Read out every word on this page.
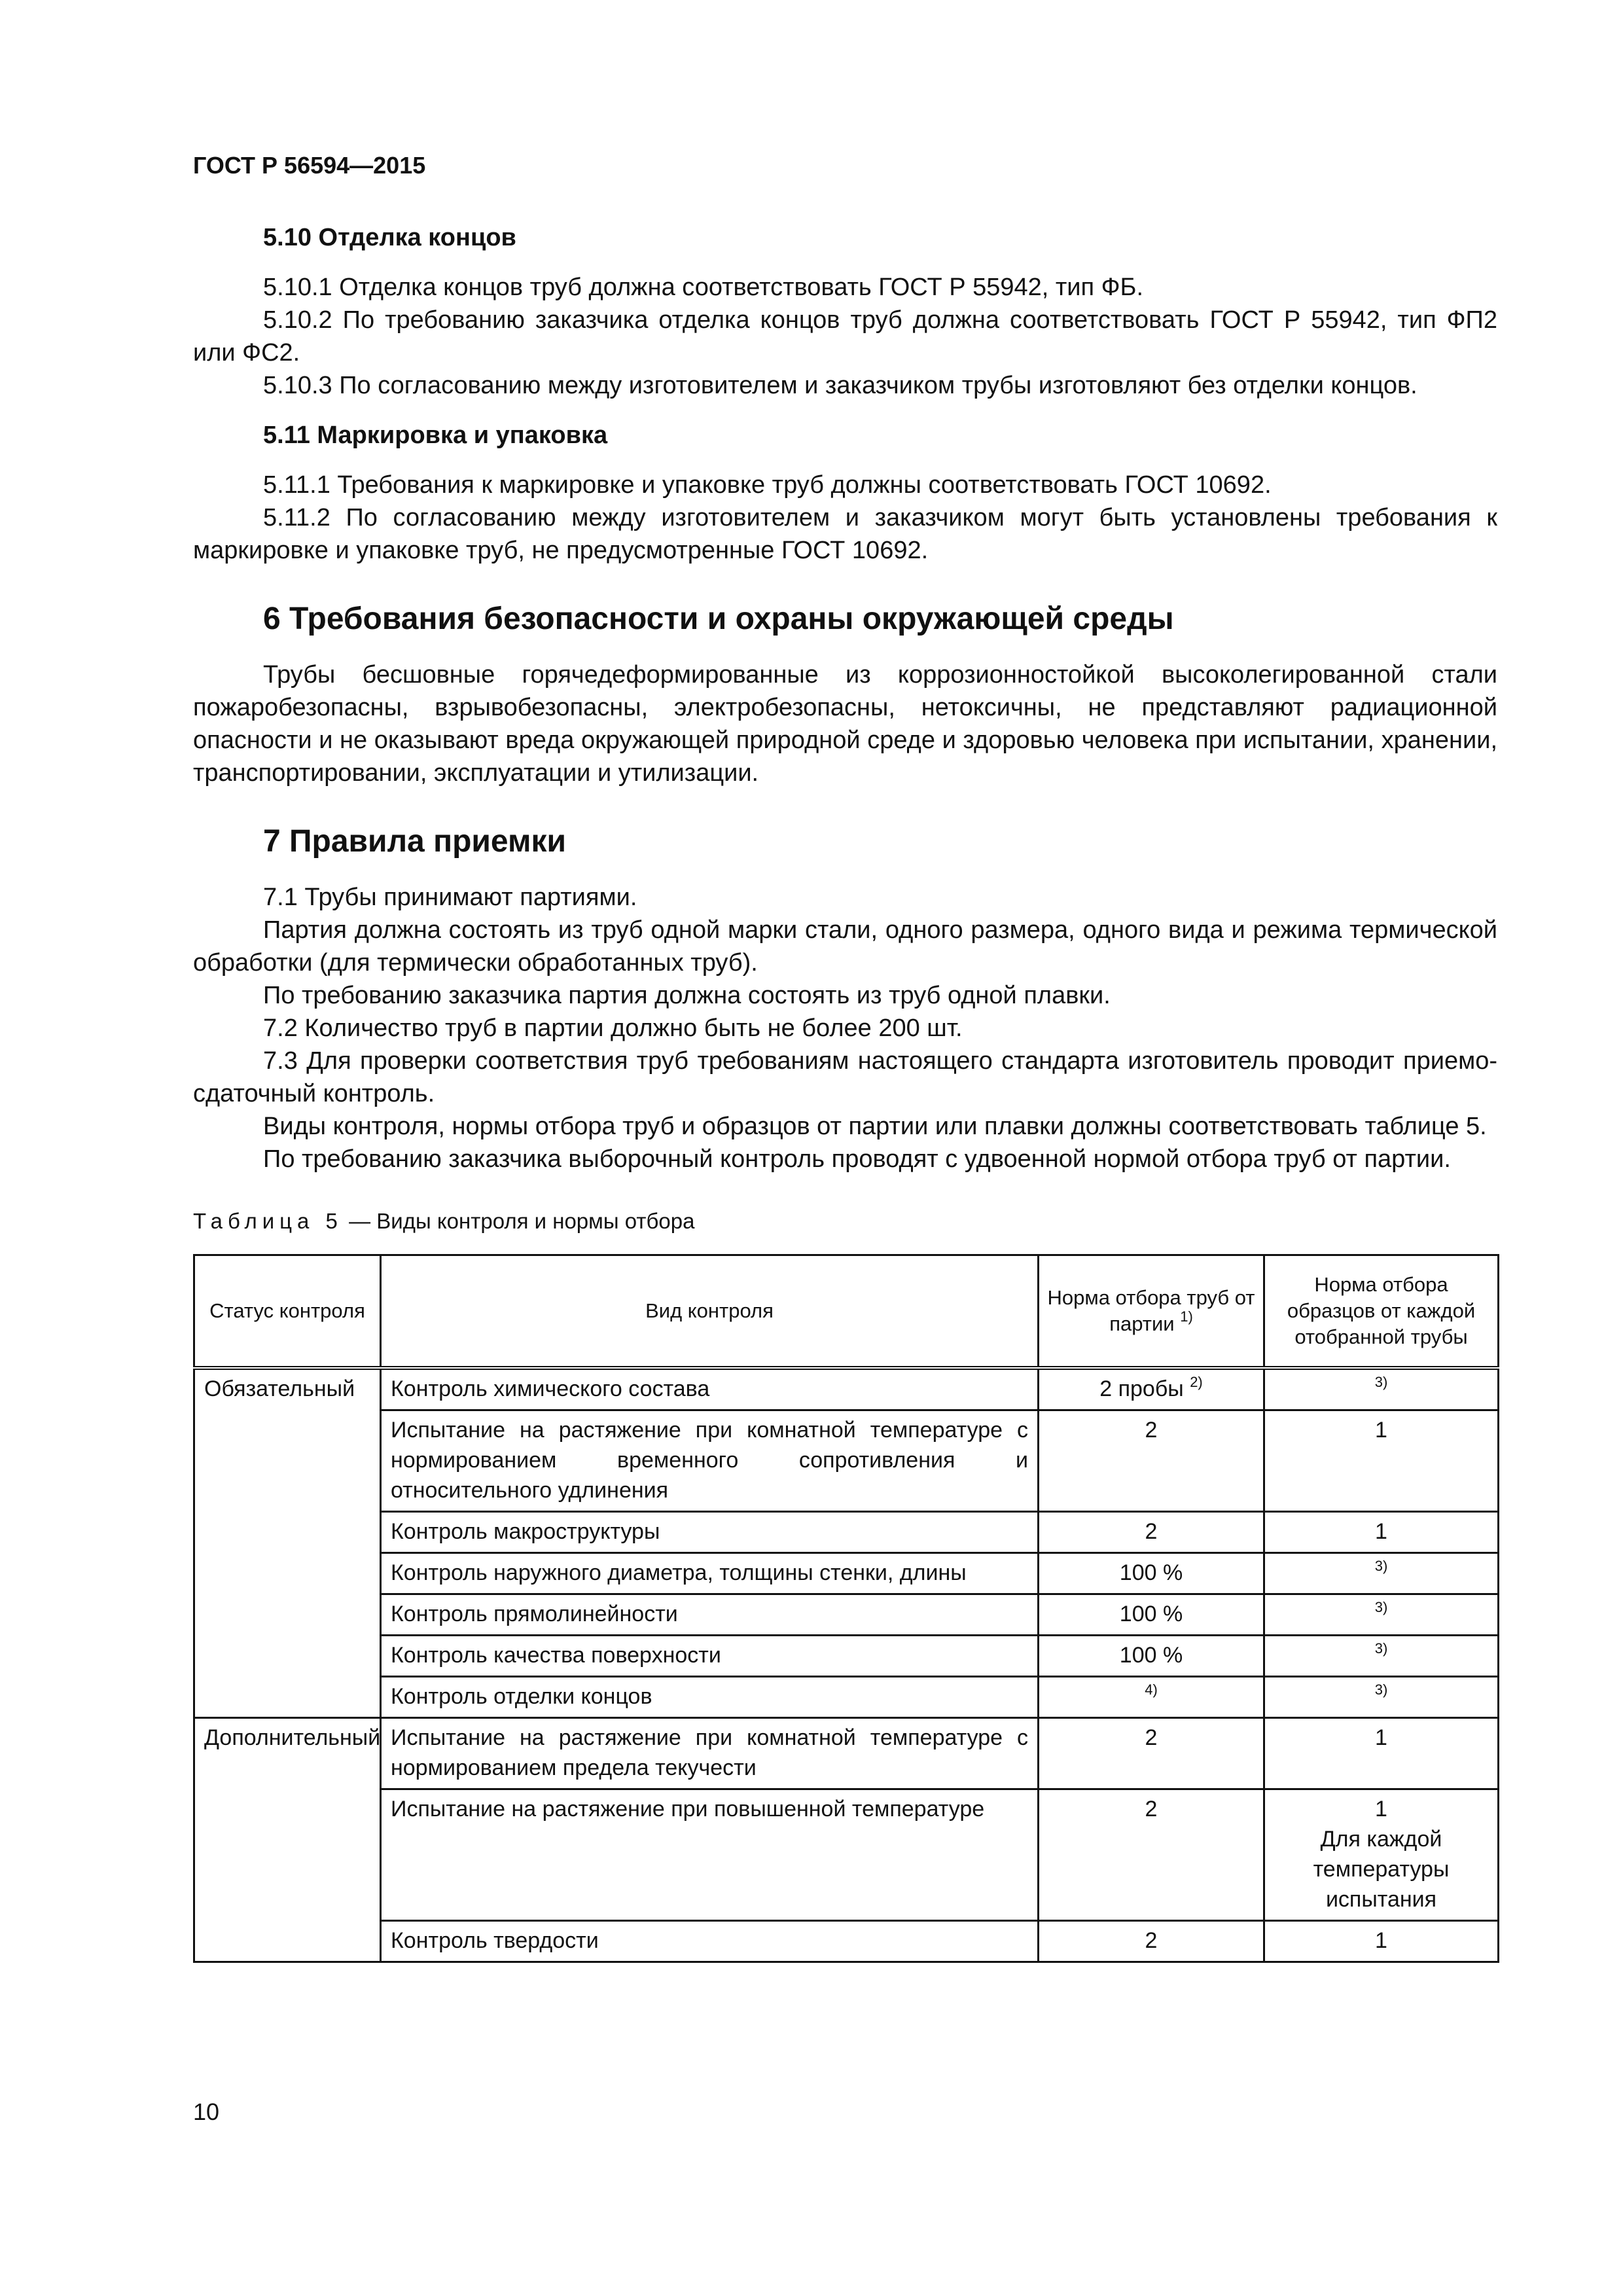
ГОСТ Р 56594—2015
5.10 Отделка концов

5.10.1 Отделка концов труб должна соответствовать ГОСТ Р 55942, тип ФБ.

5.10.2 По требованию заказчика отделка концов труб должна соответствовать ГОСТ Р 55942, тип ФП2 или ФС2.

5.10.3 По согласованию между изготовителем и заказчиком трубы изготовляют без отделки концов.

5.11 Маркировка и упаковка

5.11.1 Требования к маркировке и упаковке труб должны соответствовать ГОСТ 10692.

5.11.2 По согласованию между изготовителем и заказчиком могут быть установлены требования к маркировке и упаковке труб, не предусмотренные ГОСТ 10692.

6 Требования безопасности и охраны окружающей среды

Трубы бесшовные горячедеформированные из коррозионностойкой высоколегированной стали пожаробезопасны, взрывобезопасны, электробезопасны, нетоксичны, не представляют радиационной опасности и не оказывают вреда окружающей природной среде и здоровью человека при испытании, хранении, транспортировании, эксплуатации и утилизации.

7 Правила приемки

7.1 Трубы принимают партиями.

Партия должна состоять из труб одной марки стали, одного размера, одного вида и режима термической обработки (для термически обработанных труб).

По требованию заказчика партия должна состоять из труб одной плавки.

7.2 Количество труб в партии должно быть не более 200 шт.

7.3 Для проверки соответствия труб требованиям настоящего стандарта изготовитель проводит приемо-сдаточный контроль.

Виды контроля, нормы отбора труб и образцов от партии или плавки должны соответствовать таблице 5.

По требованию заказчика выборочный контроль проводят с удвоенной нормой отбора труб от партии.

Таблица 5 — Виды контроля и нормы отбора
Статус контроля	Вид контроля	Норма отбора труб от партии $^{1)}$	Норма отбора образцов от каждой отобранной трубы
Обязательный	Контроль химического состава	2 пробы $^{2)}$	$^{3)}$
	Испытание на растяжение при комнатной температуре с нормированием временного сопротивления и относительного удлинения	2	1
	Контроль макроструктуры	2	1
	Контроль наружного диаметра, толщины стенки, длины	100 %	$^{3)}$
	Контроль прямолинейности	100 %	$^{3)}$
	Контроль качества поверхности	100 %	$^{3)}$
	Контроль отделки концов	$^{4)}$	$^{3)}$
Дополнительный	Испытание на растяжение при комнатной температуре с нормированием предела текучести	2	1
	Испытание на растяжение при повышенной температуре	2	1
Для каждой температуры испытания

	Контроль твердости	2	1
10
